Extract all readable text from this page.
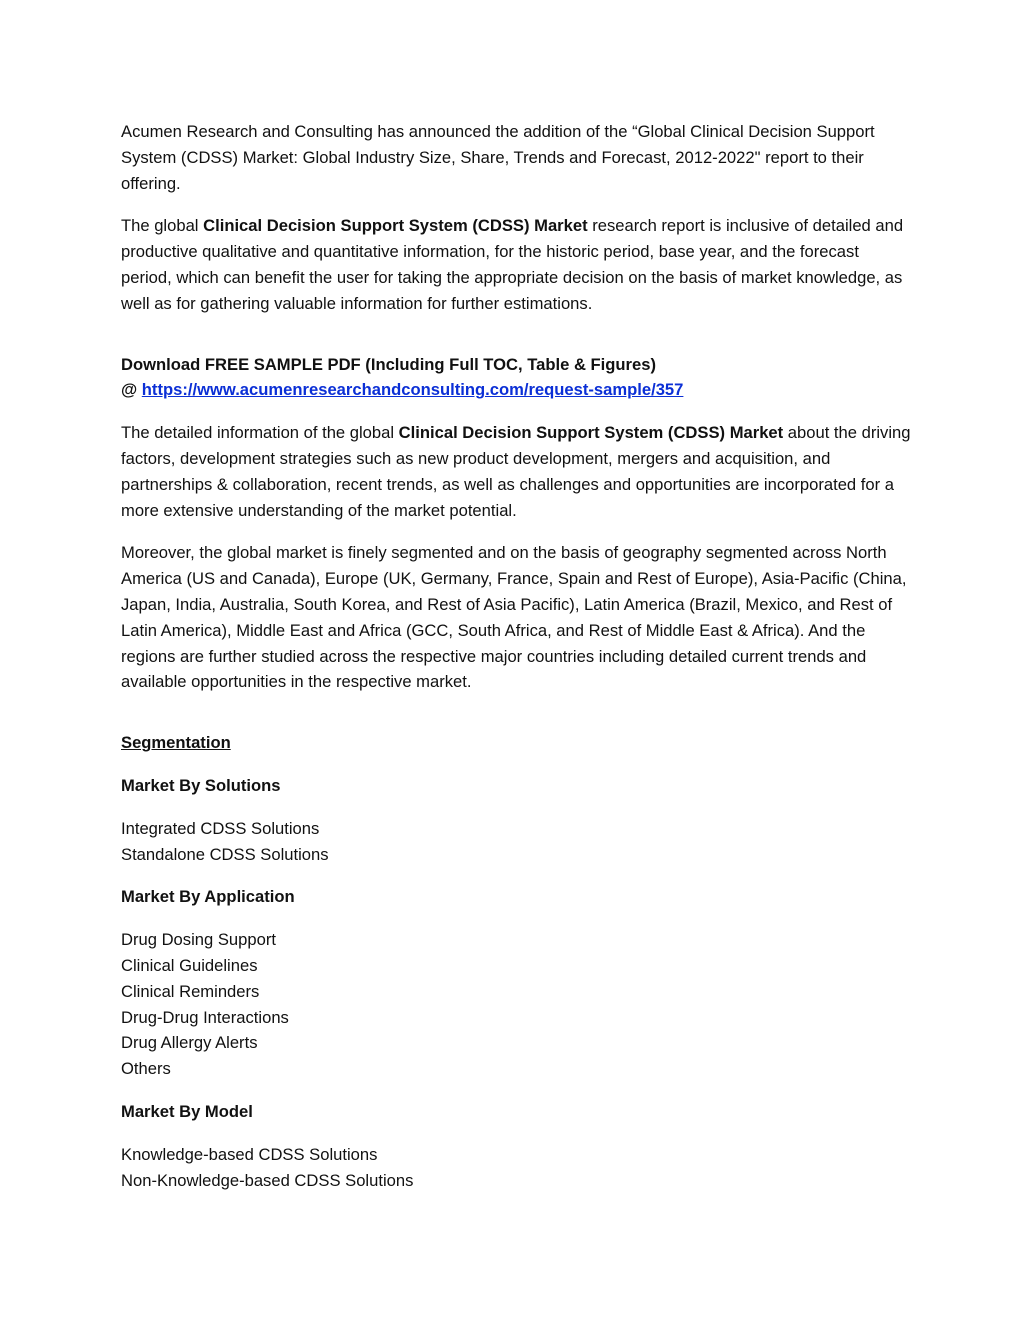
Acumen Research and Consulting has announced the addition of the “Global Clinical Decision Support System (CDSS) Market: Global Industry Size, Share, Trends and Forecast, 2012-2022" report to their offering.

The global Clinical Decision Support System (CDSS) Market research report is inclusive of detailed and productive qualitative and quantitative information, for the historic period, base year, and the forecast period, which can benefit the user for taking the appropriate decision on the basis of market knowledge, as well as for gathering valuable information for further estimations.

Download FREE SAMPLE PDF (Including Full TOC, Table & Figures)
@ https://www.acumenresearchandconsulting.com/request-sample/357

The detailed information of the global Clinical Decision Support System (CDSS) Market about the driving factors, development strategies such as new product development, mergers and acquisition, and partnerships & collaboration, recent trends, as well as challenges and opportunities are incorporated for a more extensive understanding of the market potential.

Moreover, the global market is finely segmented and on the basis of geography segmented across North America (US and Canada), Europe (UK, Germany, France, Spain and Rest of Europe), Asia-Pacific (China, Japan, India, Australia, South Korea, and Rest of Asia Pacific), Latin America (Brazil, Mexico, and Rest of Latin America), Middle East and Africa (GCC, South Africa, and Rest of Middle East & Africa). And the regions are further studied across the respective major countries including detailed current trends and available opportunities in the respective market.

Segmentation

Market By Solutions

Integrated CDSS Solutions
Standalone CDSS Solutions

Market By Application

Drug Dosing Support
Clinical Guidelines
Clinical Reminders
Drug-Drug Interactions
Drug Allergy Alerts
Others

Market By Model

Knowledge-based CDSS Solutions
Non-Knowledge-based CDSS Solutions
